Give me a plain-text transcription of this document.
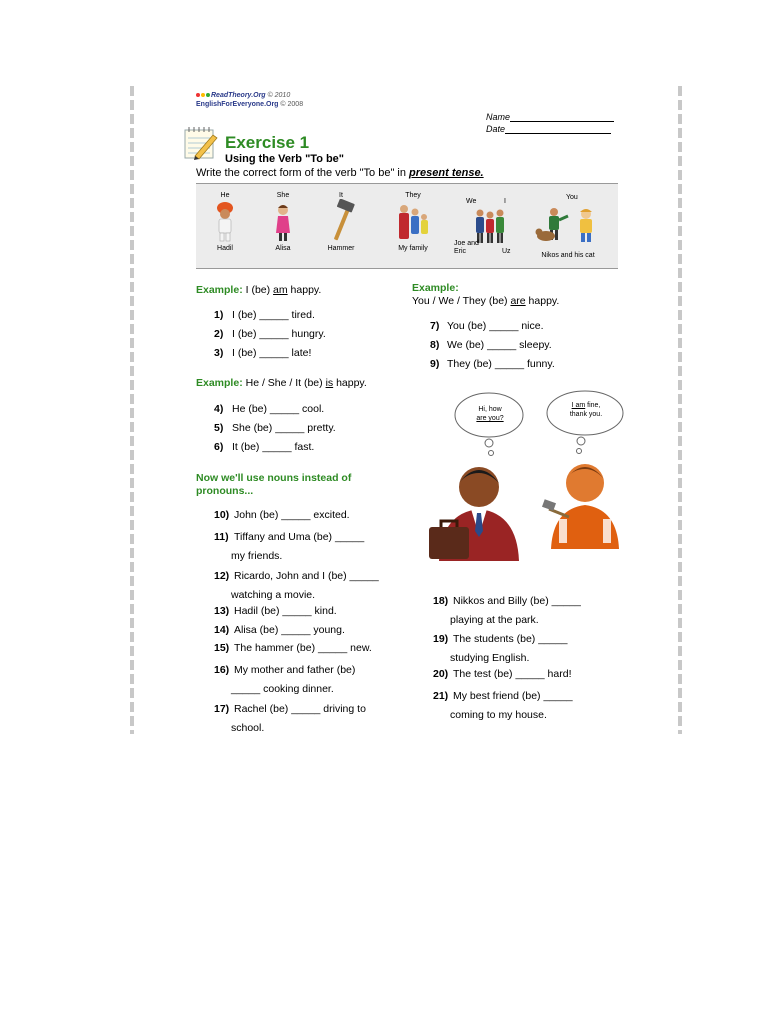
ReadTheory.Org © 2010
EnglishForEveryone.Org © 2008
Name
Date
Exercise 1
Using the Verb "To be"
Write the correct form of the verb "To be" in present tense.
He
Hadil
She
Alisa
It
Hammer
They
My family
We	I
Joe and Eric	Uz
You
Nikos and his cat
Example: I (be) am happy.
1) I (be) _____ tired.
2) I (be) _____ hungry.
3) I (be) _____ late!
Example: He / She / It (be) is happy.
4) He (be) _____ cool.
5) She (be) _____ pretty.
6) It (be) _____ fast.
Now we'll use nouns instead of
pronouns...
10) John (be) _____ excited.
11) Tiffany and Uma (be) _____
my friends.
12) Ricardo, John and I (be) _____
watching a movie.
13) Hadil (be) _____ kind.
14) Alisa (be) _____ young.
15) The hammer (be) _____ new.
16) My mother and father (be)
_____ cooking dinner.
17) Rachel (be) _____ driving to
school.
Example:
You / We / They (be) are happy.
7) You (be) _____ nice.
8) We (be) _____ sleepy.
9) They (be) _____ funny.
Hi, how
are you?
I am fine,
thank you.
18) Nikkos and Billy (be) _____
playing at the park.
19) The students (be) _____
studying English.
20) The test (be) _____ hard!
21) My best friend (be) _____
coming to my house.
